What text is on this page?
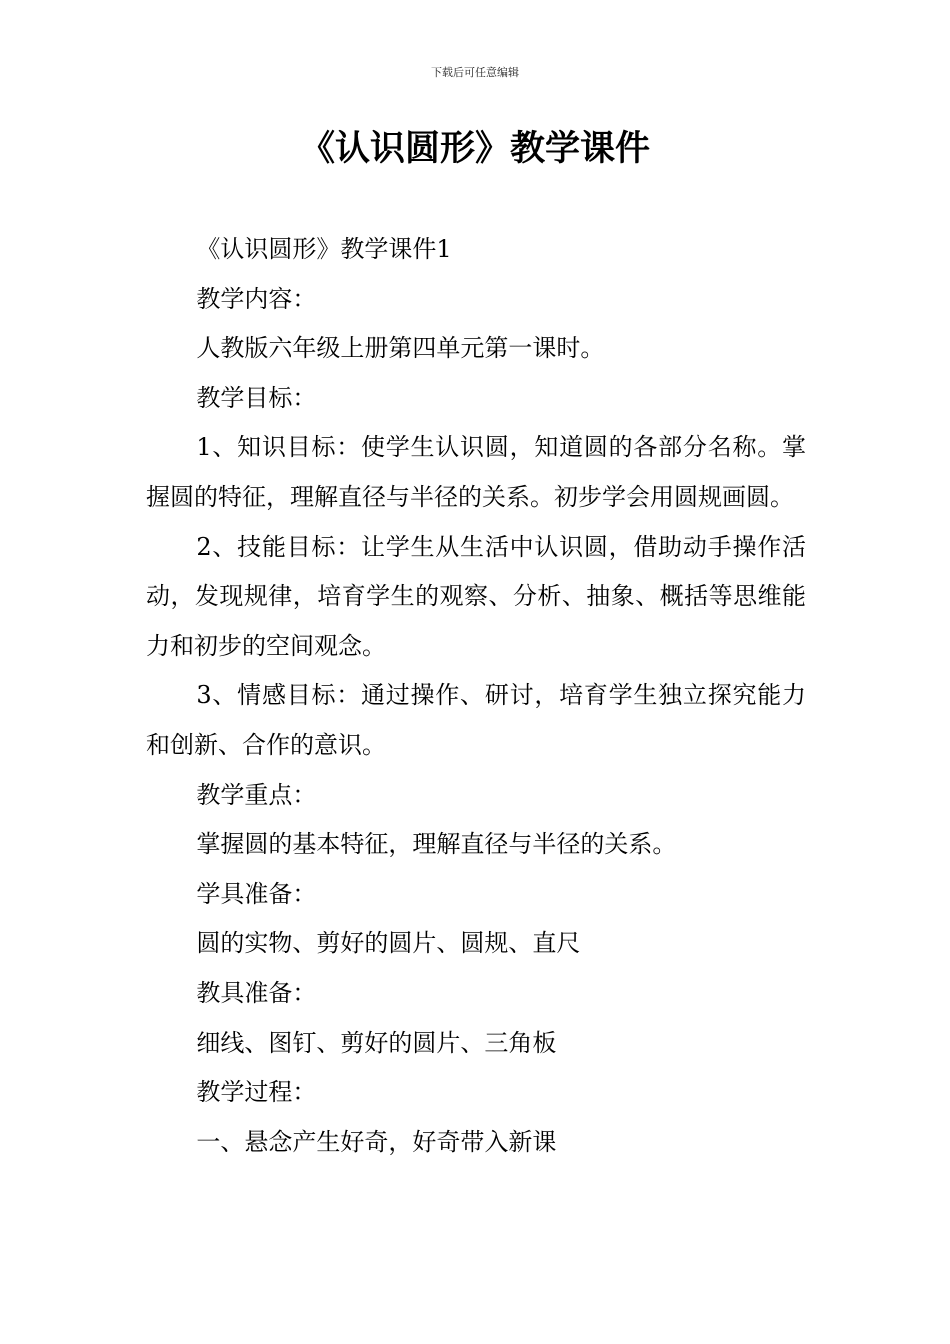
下载后可任意编辑
《认识圆形》教学课件

《认识圆形》教学课件1

教学内容：

人教版六年级上册第四单元第一课时。

教学目标：

1、知识目标：使学生认识圆，知道圆的各部分名称。掌握圆的特征，理解直径与半径的关系。初步学会用圆规画圆。

2、技能目标：让学生从生活中认识圆，借助动手操作活动，发现规律，培育学生的观察、分析、抽象、概括等思维能力和初步的空间观念。

3、情感目标：通过操作、研讨，培育学生独立探究能力和创新、合作的意识。

教学重点：

掌握圆的基本特征，理解直径与半径的关系。

学具准备：

圆的实物、剪好的圆片、圆规、直尺

教具准备：

细线、图钉、剪好的圆片、三角板

教学过程：

一、悬念产生好奇，好奇带入新课
